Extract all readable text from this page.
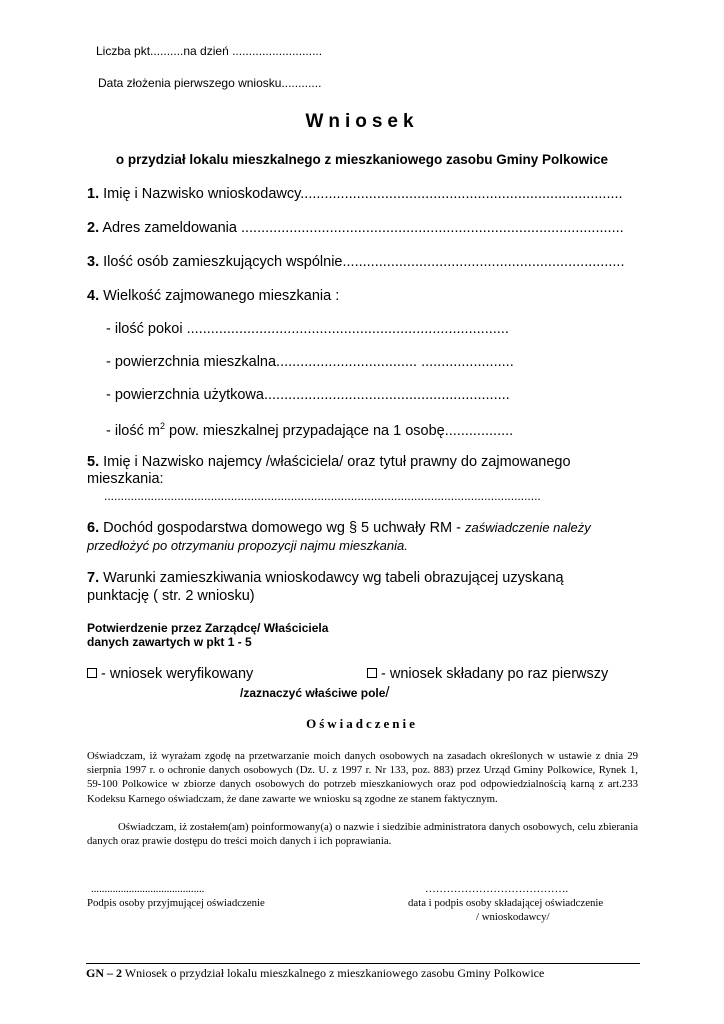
Liczba pkt..........na dzień ...........................
Data złożenia pierwszego wniosku............
Wniosek
o przydział lokalu mieszkalnego z mieszkaniowego zasobu Gminy Polkowice
1. Imię i Nazwisko wnioskodawcy................................................................................
2. Adres zameldowania ...............................................................................................
3. Ilość osób zamieszkujących wspólnie......................................................................
4. Wielkość zajmowanego mieszkania :
- ilość pokoi ................................................................................
- powierzchnia mieszkalna................................... .......................
- powierzchnia użytkowa.............................................................
- ilość $m^2$ pow. mieszkalnej przypadające na 1 osobę.................
5. Imię i Nazwisko najemcy /właściciela/ oraz tytuł prawny do zajmowanego
mieszkania:
...................................................................................................................................
6. Dochód gospodarstwa domowego wg § 5 uchwały RM - zaświadczenie należy
przedłożyć po otrzymaniu propozycji najmu mieszkania.
7. Warunki zamieszkiwania wnioskodawcy wg tabeli obrazującej uzyskaną
punktację ( str. 2 wniosku)
Potwierdzenie przez Zarządcę/ Właściciela
danych zawartych w pkt 1 - 5
- wniosek weryfikowany	- wniosek składany po raz pierwszy
/zaznaczyć właściwe pole/
Oświadczenie
Oświadczam, iż wyrażam zgodę na przetwarzanie moich danych osobowych na zasadach określonych w ustawie z dnia 29 sierpnia 1997 r. o ochronie danych osobowych (Dz. U. z 1997 r. Nr 133, poz. 883) przez Urząd Gminy Polkowice, Rynek 1, 59-100 Polkowice w zbiorze danych osobowych do potrzeb mieszkaniowych oraz pod odpowiedzialnością karną z art.233 Kodeksu Karnego oświadczam, że dane zawarte we wniosku są zgodne ze stanem faktycznym.
Oświadczam, iż zostałem(am) poinformowany(a) o nazwie i siedzibie administratora danych osobowych, celu zbierania danych oraz prawie dostępu do treści moich danych i ich poprawiania.
..........................................
Podpis osoby przyjmującej oświadczenie
………………………………….
data i podpis osoby składającej oświadczenie
/ wnioskodawcy/
GN – 2 Wniosek o przydział lokalu mieszkalnego z mieszkaniowego zasobu Gminy Polkowice
